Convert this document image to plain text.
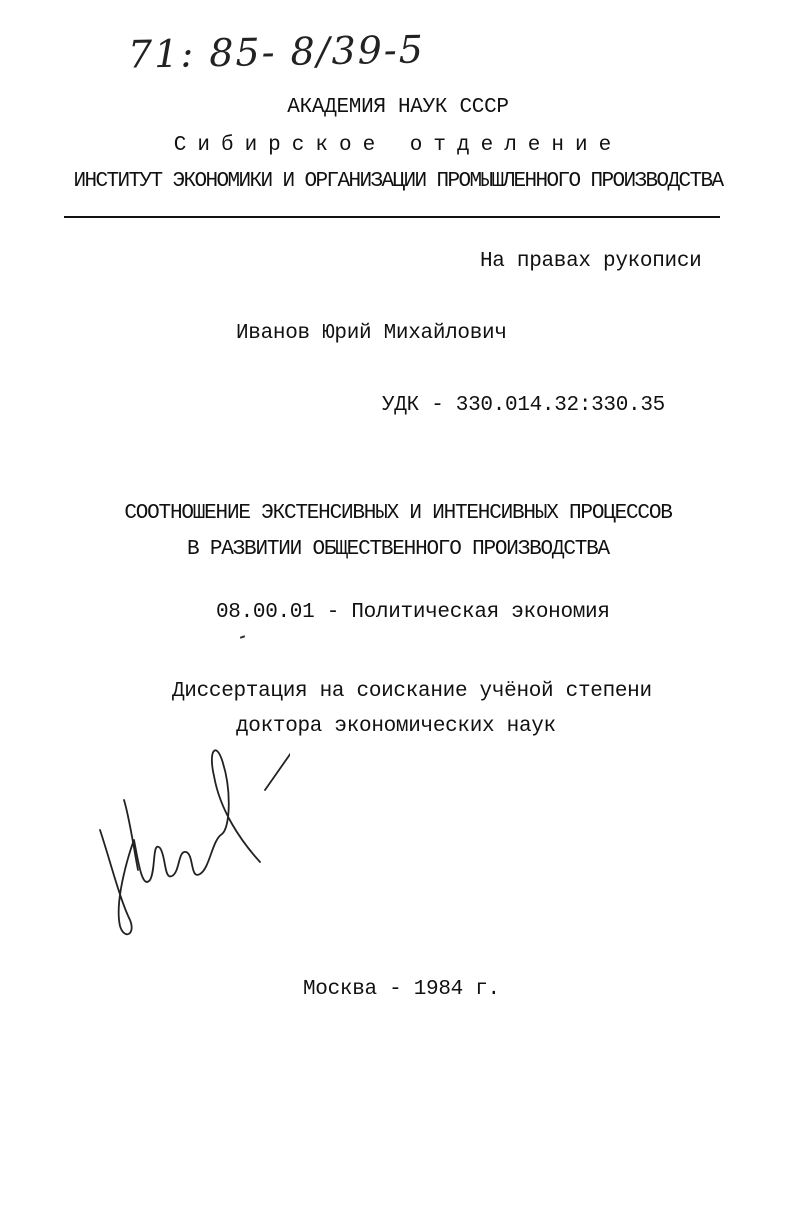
71: 85- 8/39-5
АКАДЕМИЯ НАУК СССР
Сибирское отделение
ИНСТИТУТ ЭКОНОМИКИ И ОРГАНИЗАЦИИ ПРОМЫШЛЕННОГО ПРОИЗВОДСТВА
На правах рукописи
Иванов Юрий Михайлович
УДК - 330.014.32:330.35
СООТНОШЕНИЕ ЭКСТЕНСИВНЫХ И ИНТЕНСИВНЫХ ПРОЦЕССОВ
В РАЗВИТИИ ОБЩЕСТВЕННОГО ПРОИЗВОДСТВА
08.00.01 - Политическая экономия
Диссертация на соискание учёной степени
доктора экономических наук
Москва - 1984 г.
